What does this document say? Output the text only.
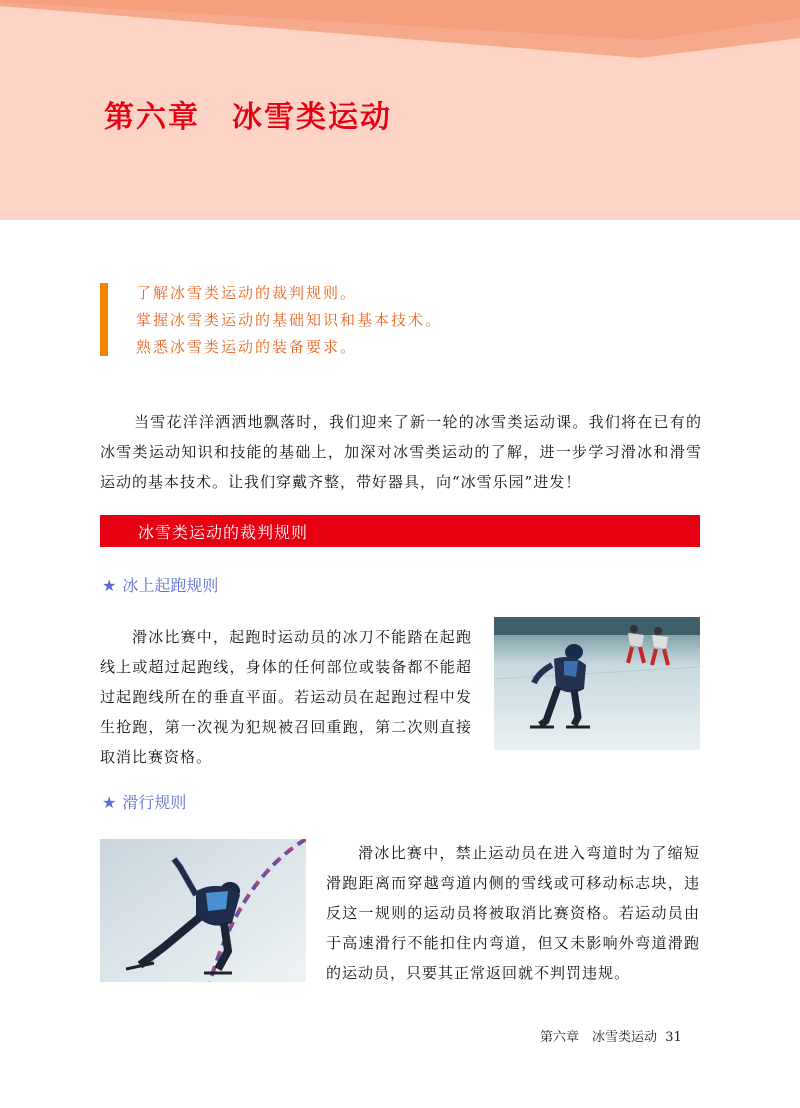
第六章　冰雪类运动
了解冰雪类运动的裁判规则。
掌握冰雪类运动的基础知识和基本技术。
熟悉冰雪类运动的装备要求。
当雪花洋洋洒洒地飘落时，我们迎来了新一轮的冰雪类运动课。我们将在已有的冰雪类运动知识和技能的基础上，加深对冰雪类运动的了解，进一步学习滑冰和滑雪运动的基本技术。让我们穿戴齐整，带好器具，向“冰雪乐园”进发！
冰雪类运动的裁判规则
★ 冰上起跑规则
滑冰比赛中，起跑时运动员的冰刀不能踏在起跑线上或超过起跑线，身体的任何部位或装备都不能超过起跑线所在的垂直平面。若运动员在起跑过程中发生抢跑，第一次视为犯规被召回重跑，第二次则直接取消比赛资格。
★ 滑行规则
滑冰比赛中，禁止运动员在进入弯道时为了缩短滑跑距离而穿越弯道内侧的雪线或可移动标志块，违反这一规则的运动员将被取消比赛资格。若运动员由于高速滑行不能扣住内弯道，但又未影响外弯道滑跑的运动员，只要其正常返回就不判罚违规。
第六章　冰雪类运动 31
